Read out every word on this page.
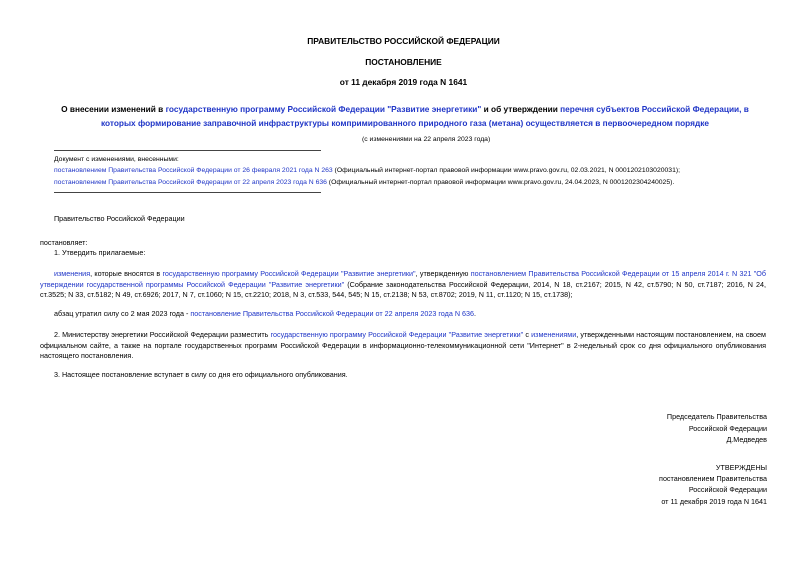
ПРАВИТЕЛЬСТВО РОССИЙСКОЙ ФЕДЕРАЦИИ
ПОСТАНОВЛЕНИЕ
от 11 декабря 2019 года N 1641
О внесении изменений в государственную программу Российской Федерации "Развитие энергетики" и об утверждении перечня субъектов Российской Федерации, в которых формирование заправочной инфраструктуры компримированного природного газа (метана) осуществляется в первоочередном порядке
(с изменениями на 22 апреля 2023 года)
Документ с изменениями, внесенными:
постановлением Правительства Российской Федерации от 26 февраля 2021 года N 263 (Официальный интернет-портал правовой информации www.pravo.gov.ru, 02.03.2021, N 0001202103020031);
постановлением Правительства Российской Федерации от 22 апреля 2023 года N 636 (Официальный интернет-портал правовой информации www.pravo.gov.ru, 24.04.2023, N 0001202304240025).
Правительство Российской Федерации
постановляет:
1. Утвердить прилагаемые:
изменения, которые вносятся в государственную программу Российской Федерации "Развитие энергетики", утвержденную постановлением Правительства Российской Федерации от 15 апреля 2014 г. N 321 "Об утверждении государственной программы Российской Федерации "Развитие энергетики" (Собрание законодательства Российской Федерации, 2014, N 18, ст.2167; 2015, N 42, ст.5790; N 50, ст.7187; 2016, N 24, ст.3525; N 33, ст.5182; N 49, ст.6926; 2017, N 7, ст.1060; N 15, ст.2210; 2018, N 3, ст.533, 544, 545; N 15, ст.2138; N 53, ст.8702; 2019, N 11, ст.1120; N 15, ст.1738);
абзац утратил силу со 2 мая 2023 года - постановление Правительства Российской Федерации от 22 апреля 2023 года N 636.
2. Министерству энергетики Российской Федерации разместить государственную программу Российской Федерации "Развитие энергетики" с изменениями, утвержденными настоящим постановлением, на своем официальном сайте, а также на портале государственных программ Российской Федерации в информационно-телекоммуникационной сети "Интернет" в 2-недельный срок со дня официального опубликования настоящего постановления.
3. Настоящее постановление вступает в силу со дня его официального опубликования.
Председатель Правительства
Российской Федерации
Д.Медведев
УТВЕРЖДЕНЫ
постановлением Правительства
Российской Федерации
от 11 декабря 2019 года N 1641
